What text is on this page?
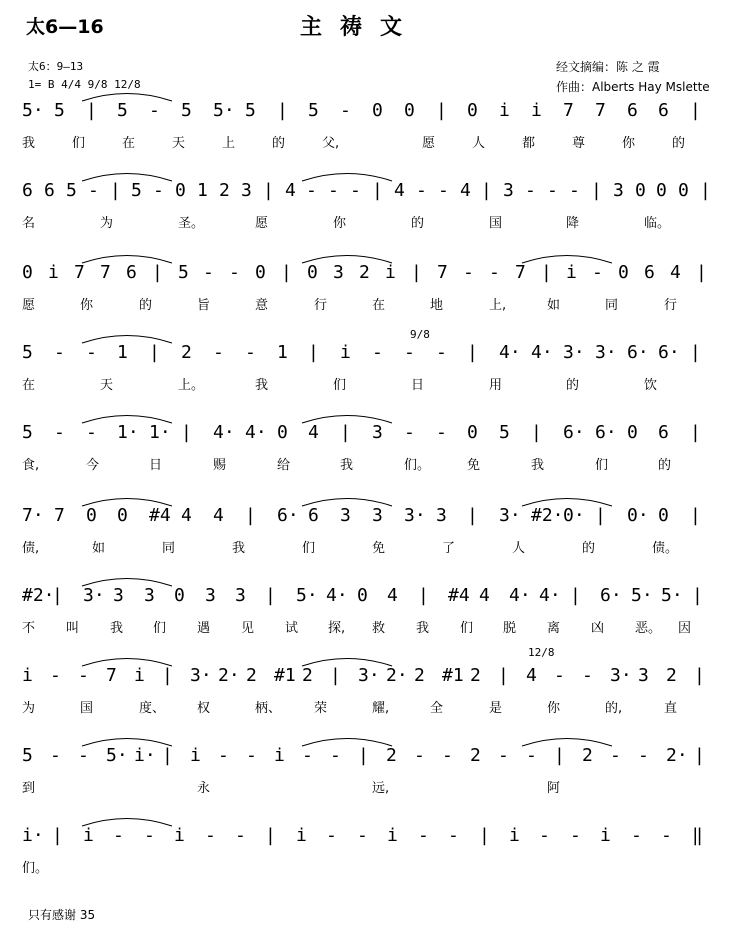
太6—16	主祷文
太6：9—13
1= B 4/4 9/8 12/8
经文摘编：陈 之 霞
作曲：Alberts Hay Mslette
5· 5 | 5 - 5 5· 5 | 5 - 0 0 | 0 i i 7 7 6 6 |
我	们	在	天	上	的	父,	愿	人	都	尊	你	的
6 6 5 - | 5 - 0 1 2 3 | 4 - - - | 4 - - 4 | 3 - - - | 3 0 0 0 |
名	为	圣。	愿	你	的	国	降	临。
0 i 7 7 6 | 5 - - 0 | 0 3 2 i | 7 - - 7 | i - 0 6 4 |
愿	你	的	旨	意	行	在	地	上,	如	同	行
5 - - 1 | 2 - - 1 | i - - - | 4· 4· 3· 3· 6· 6· |
在	天	上。	我	们	日	用	的	饮
5 - - 1· 1· | 4· 4· 0 4 | 3 - - 0 5 | 6· 6· 0 6 |
食,	今	日	赐	给	我	们。	免	我	们	的
7· 7 0 0 #4 4 4 | 6· 6 3 3 3· 3 | 3· #2· 0· | 0· 0 |
债,	如	同	我	们	免	了	人	的	债。
#2·
| 3· 3 3 0 3 3 | 5· 4· 0 4 | #4 4 4· 4· | 6· 5· 5· |
不 叫 我 们 遇 见 试 探, 救 我 们 脱 离 凶 恶。 因
i - - 7 i | 3· 2· 2 #1 2 | 3· 2· 2 #1 2 | 4 - - 3· 3 2 |
为	国	度、 权	柄、	荣	耀,	全	是	你	的,	直
5 - - 5· i· | i - - i - - | 2 - - 2 - - | 2 - - 2· |
到	永	远,	阿
i· | i - - i - - | i - - i - - | i - - i - - ‖
们。
9/8
12/8
只有感谢 35
